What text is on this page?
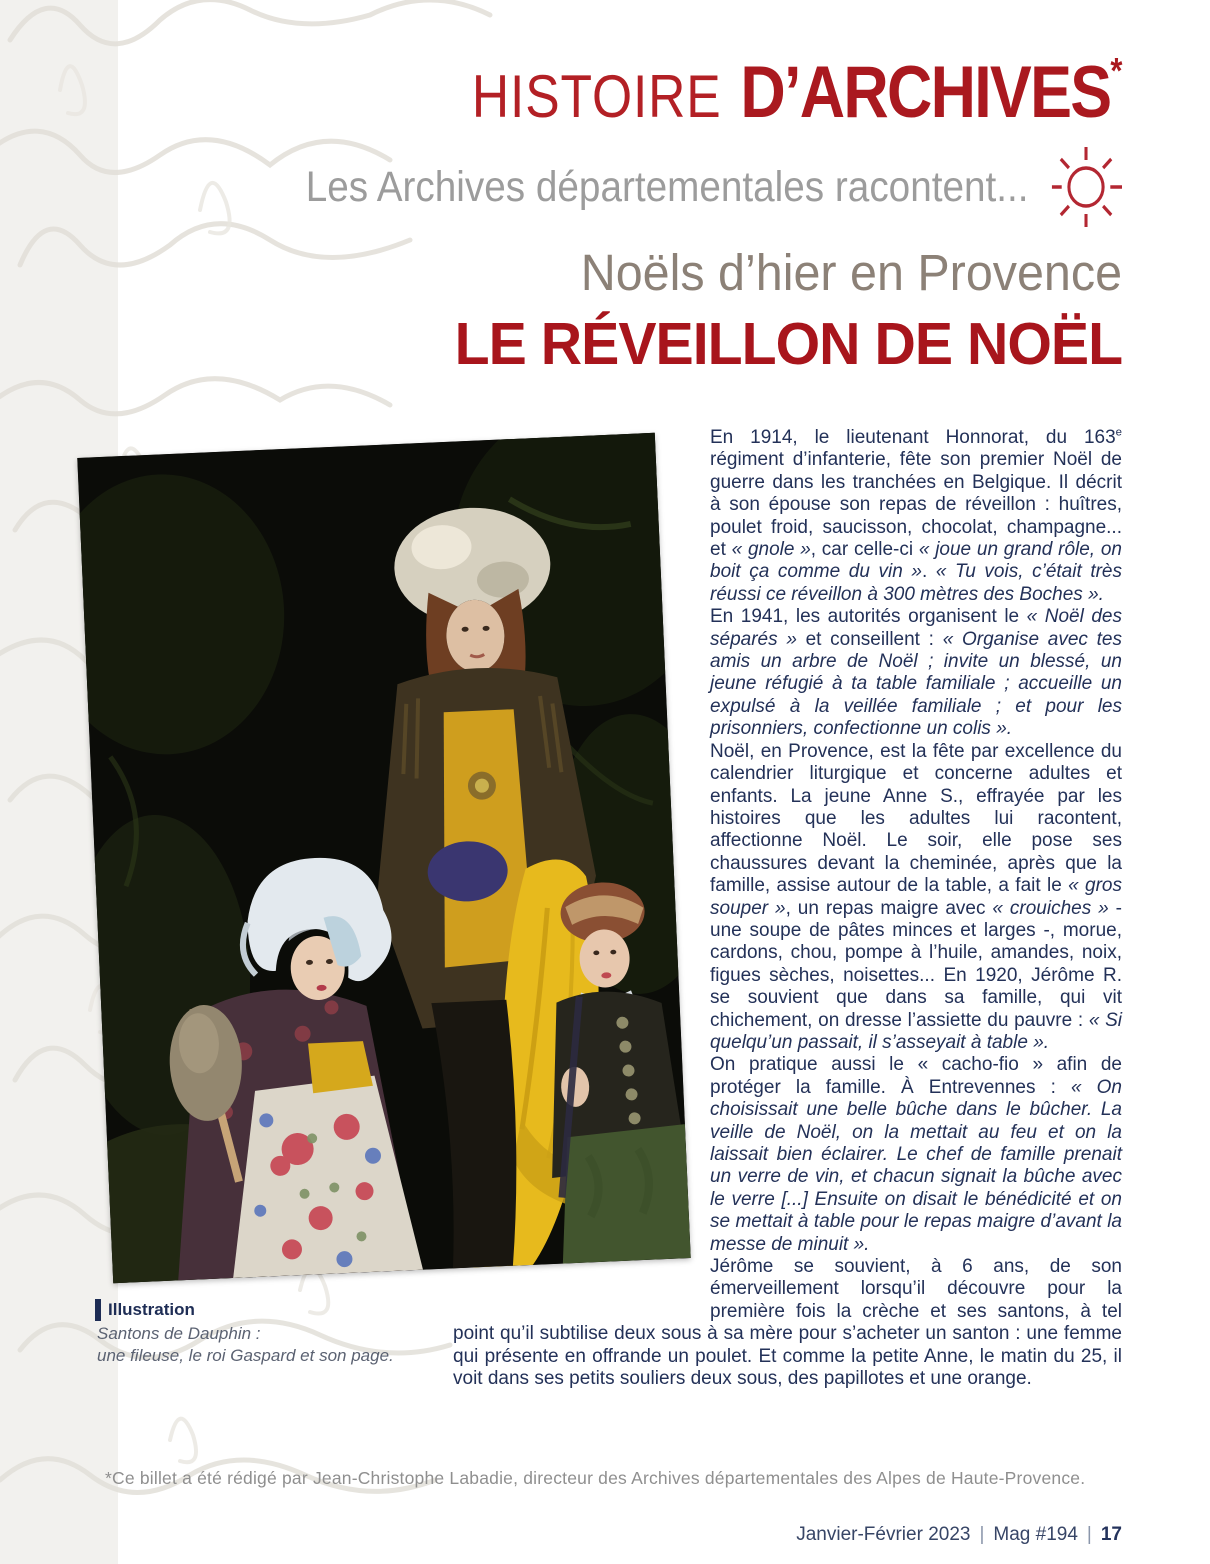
HISTOIRE   D’ARCHIVES*
Les Archives départementales racontent...
Noëls d’hier en Provence
LE RÉVEILLON DE NOËL
Illustration
Santons de Dauphin :
une fileuse, le roi Gaspard et son page.

En 1914, le lieutenant Honnorat, du 163e régiment d’infanterie, fête son premier Noël de guerre dans les tranchées en Belgique. Il décrit à son épouse son repas de réveillon : huîtres, poulet froid, saucisson, chocolat, champagne... et « gnole », car celle-ci « joue un grand rôle, on boit ça comme du vin ». « Tu vois, c’était très réussi ce réveillon à 300 mètres des Boches ».

En 1941, les autorités organisent le « Noël des séparés » et conseillent : « Organise avec tes amis un arbre de Noël ; invite un blessé, un jeune réfugié à ta table familiale ; accueille un expulsé à la veillée familiale ; et pour les prisonniers, confectionne un colis ».

Noël, en Provence, est la fête par excellence du calendrier liturgique et concerne adultes et enfants. La jeune Anne S., effrayée par les histoires que les adultes lui racontent, affectionne Noël. Le soir, elle pose ses chaussures devant la cheminée, après que la famille, assise autour de la table, a fait le « gros souper », un repas maigre avec « crouiches » - une soupe de pâtes minces et larges -, morue, cardons, chou, pompe à l’huile, amandes, noix, figues sèches, noisettes... En 1920, Jérôme R. se souvient que dans sa famille, qui vit chichement, on dresse l’assiette du pauvre : « Si quelqu’un passait, il s’asseyait à table ».

On pratique aussi le « cacho-fio » afin de protéger la famille. À Entrevennes : « On choisissait une belle bûche dans le bûcher. La veille de Noël, on la mettait au feu et on la laissait bien éclairer. Le chef de famille prenait un verre de vin, et chacun signait la bûche avec le verre [...] Ensuite on disait le bénédicité et on se mettait à table pour le repas maigre d’avant la messe de minuit ».

Jérôme se souvient, à 6 ans, de son émerveillement lorsqu’il découvre pour la première fois la crèche et ses santons, à tel point qu’il subtilise deux sous à sa mère pour s’acheter un santon : une femme qui présente en offrande un poulet. Et comme la petite Anne, le matin du 25, il voit dans ses petits souliers deux sous, des papillotes et une orange.

*Ce billet a été rédigé par Jean-Christophe Labadie, directeur des Archives départementales des Alpes de Haute-Provence.
Janvier-Février 2023 | Mag #194 | 17
